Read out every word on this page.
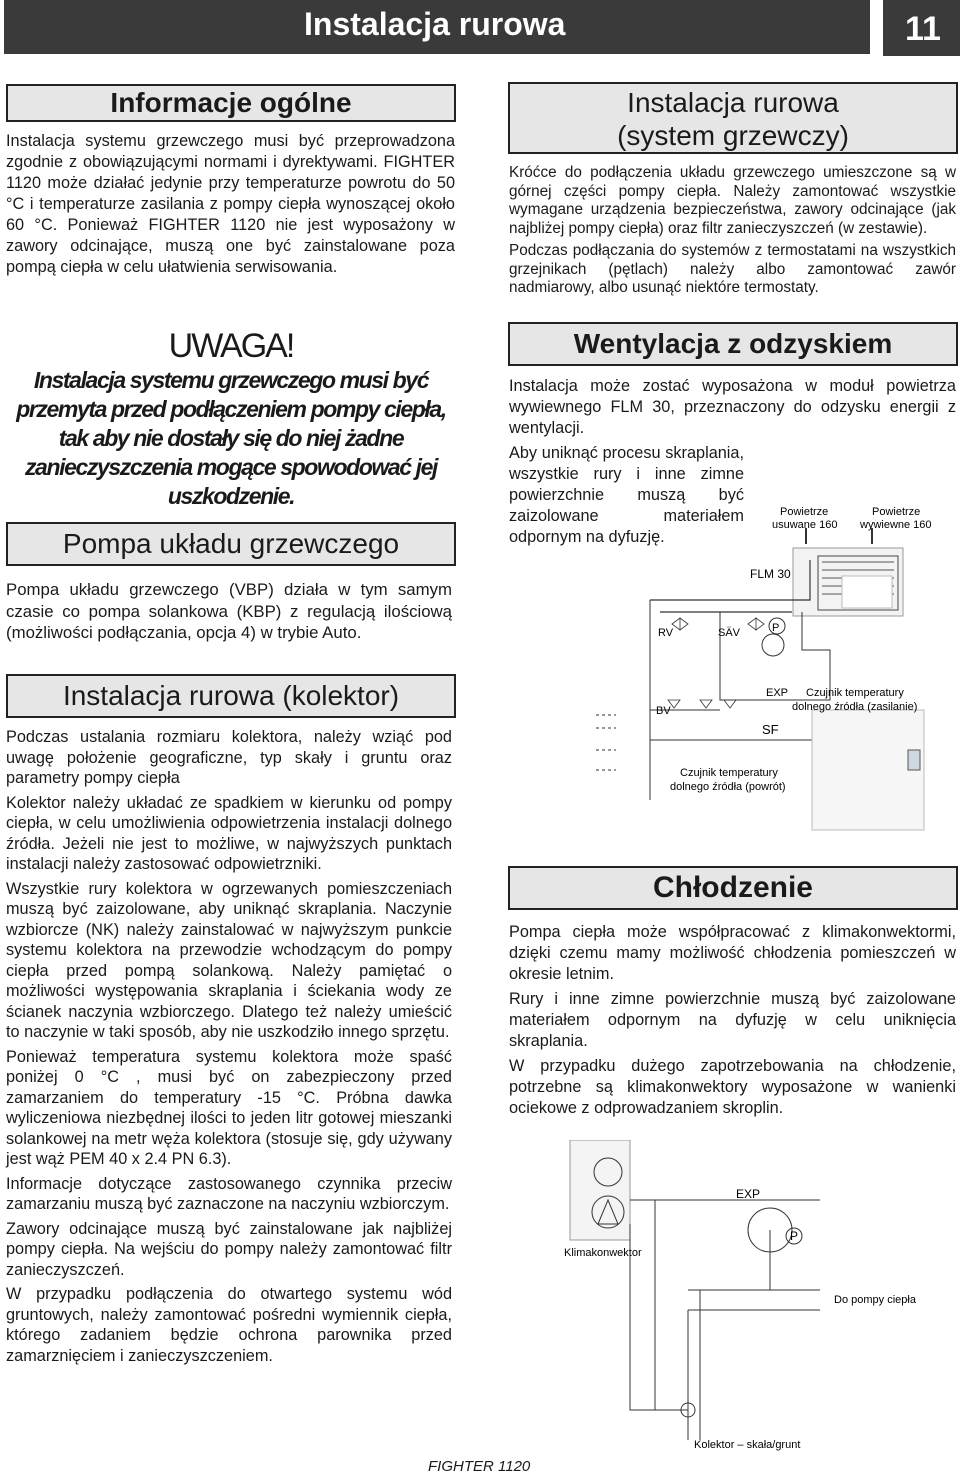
Instalacja rurowa	11
Informacje ogólne

Instalacja systemu grzewczego musi być przeprowadzona zgodnie z obowiązującymi normami i dyrektywami. FIGHTER 1120 może działać jedynie przy temperaturze powrotu do 50 °C i temperaturze zasilania z pompy ciepła wynoszącej około 60 °C. Ponieważ FIGHTER 1120 nie jest wyposażony w zawory odcinające, muszą one być zainstalowane poza pompą ciepła w celu ułatwienia serwisowania.

UWAGA!
Instalacja systemu grzewczego musi być przemyta przed podłączeniem pompy ciepła, tak aby nie dostały się do niej żadne zanieczyszczenia mogące spowodować jej uszkodzenie.
Pompa układu grzewczego

Pompa układu grzewczego (VBP) działa w tym samym czasie co pompa solankowa (KBP) z regulacją ilościową (możliwości podłączania, opcja 4) w trybie Auto.

Instalacja rurowa (kolektor)

Podczas ustalania rozmiaru kolektora, należy wziąć pod uwagę położenie geograficzne, typ skały i gruntu oraz parametry pompy ciepła

Kolektor należy układać ze spadkiem w kierunku od pompy ciepła, w celu umożliwienia odpowietrzenia instalacji dolnego źródła. Jeżeli nie jest to możliwe, w najwyższych punktach instalacji należy zastosować odpowietrzniki.

Wszystkie rury kolektora w ogrzewanych pomieszczeniach muszą być zaizolowane, aby uniknąć skraplania. Naczynie wzbiorcze (NK) należy zainstalować w najwyższym punkcie systemu kolektora na przewodzie wchodzącym do pompy ciepła przed pompą solankową. Należy pamiętać o możliwości występowania skraplania i ściekania wody ze ścianek naczynia wzbiorczego. Dlatego też należy umieścić to naczynie w taki sposób, aby nie uszkodziło innego sprzętu.

Ponieważ temperatura systemu kolektora może spaść poniżej 0 °C , musi być on zabezpieczony przed zamarzaniem do temperatury -15 °C. Próbna dawka wyliczeniowa niezbędnej ilości to jeden litr gotowej mieszanki solankowej na metr węża kolektora (stosuje się, gdy używany jest wąż PEM 40 x 2.4 PN 6.3).

Informacje dotyczące zastosowanego czynnika przeciw zamarzaniu muszą być zaznaczone na naczyniu wzbiorczym.

Zawory odcinające muszą być zainstalowane jak najbliżej pompy ciepła. Na wejściu do pompy należy zamontować filtr zanieczyszczeń.

W przypadku podłączenia do otwartego systemu wód gruntowych, należy zamontować pośredni wymiennik ciepła, którego zadaniem będzie ochrona parownika przed zamarznięciem i zanieczyszczeniem.

Instalacja rurowa
(system grzewczy)

Króćce do podłączenia układu grzewczego umieszczone są w górnej części pompy ciepła. Należy zamontować wszystkie wymagane urządzenia bezpieczeństwa, zawory odcinające (jak najbliżej pompy ciepła) oraz filtr zanieczyszczeń (w zestawie).

Podczas podłączania do systemów z termostatami na wszystkich grzejnikach (pętlach) należy albo zamontować zawór nadmiarowy, albo usunąć niektóre termostaty.

Wentylacja z odzyskiem

Instalacja może zostać wyposażona w moduł powietrza wywiewnego FLM 30, przeznaczony do odzysku energii z wentylacji.

Aby uniknąć procesu skraplania, wszystkie rury i inne zimne powierzchnie muszą być zaizolowane materiałem odpornym na dyfuzję.

Powietrze
usuwane 160
Powietrze
wywiewne 160
FLM 30
RV	SÄV	P
EXP
BV
SF
Czujnik temperatury
dolnego źródła (zasilanie)
Czujnik temperatury
dolnego źródła (powrót)
Chłodzenie

Pompa ciepła może współpracować z klimakonwektormi, dzięki czemu mamy możliwość chłodzenia pomieszczeń w okresie letnim.

Rury i inne zimne powierzchnie muszą być zaizolowane materiałem odpornym na dyfuzję w celu uniknięcia skraplania.

W przypadku dużego zapotrzebowania na chłodzenie, potrzebne są klimakonwektory wyposażone w wanienki ociekowe z odprowadzaniem skroplin.

Klimakonwektor
EXP
P
Do pompy ciepła
Kolektor – skała/grunt
FIGHTER 1120
